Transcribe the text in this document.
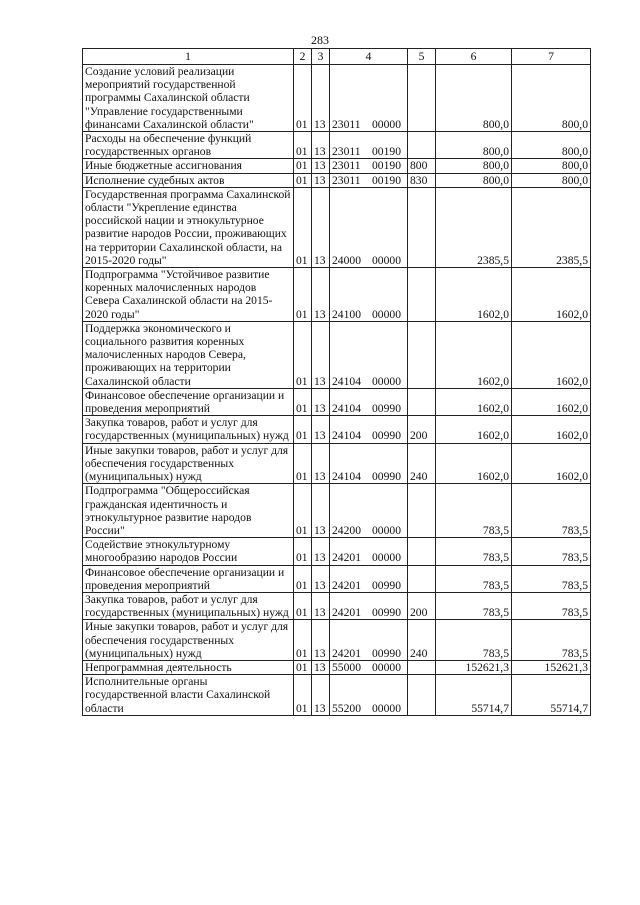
283
1	2	3	4	5	6	7
Создание условий реализации мероприятий государственной программы Сахалинской области "Управление государственными финансами Сахалинской области"	01	13	23011 00000		800,0	800,0
Расходы на обеспечение функций государственных органов	01	13	23011 00190		800,0	800,0
Иные бюджетные ассигнования	01	13	23011 00190	800	800,0	800,0
Исполнение судебных актов	01	13	23011 00190	830	800,0	800,0
Государственная программа Сахалинской области "Укрепление единства российской нации и этнокультурное развитие народов России, проживающих на территории Сахалинской области, на 2015-2020 годы"	01	13	24000 00000		2385,5	2385,5
Подпрограмма "Устойчивое развитие коренных малочисленных народов Севера Сахалинской области на 2015-2020 годы"	01	13	24100 00000		1602,0	1602,0
Поддержка экономического и социального развития коренных малочисленных народов Севера, проживающих на территории Сахалинской области	01	13	24104 00000		1602,0	1602,0
Финансовое обеспечение организации и проведения мероприятий	01	13	24104 00990		1602,0	1602,0
Закупка товаров, работ и услуг для государственных (муниципальных) нужд	01	13	24104 00990	200	1602,0	1602,0
Иные закупки товаров, работ и услуг для обеспечения государственных (муниципальных) нужд	01	13	24104 00990	240	1602,0	1602,0
Подпрограмма "Общероссийская гражданская идентичность и этнокультурное развитие народов России"	01	13	24200 00000		783,5	783,5
Содействие этнокультурному многообразию народов России	01	13	24201 00000		783,5	783,5
Финансовое обеспечение организации и проведения мероприятий	01	13	24201 00990		783,5	783,5
Закупка товаров, работ и услуг для государственных (муниципальных) нужд	01	13	24201 00990	200	783,5	783,5
Иные закупки товаров, работ и услуг для обеспечения государственных (муниципальных) нужд	01	13	24201 00990	240	783,5	783,5
Непрограммная деятельность	01	13	55000 00000		152621,3	152621,3
Исполнительные органы государственной власти Сахалинской области	01	13	55200 00000		55714,7	55714,7
